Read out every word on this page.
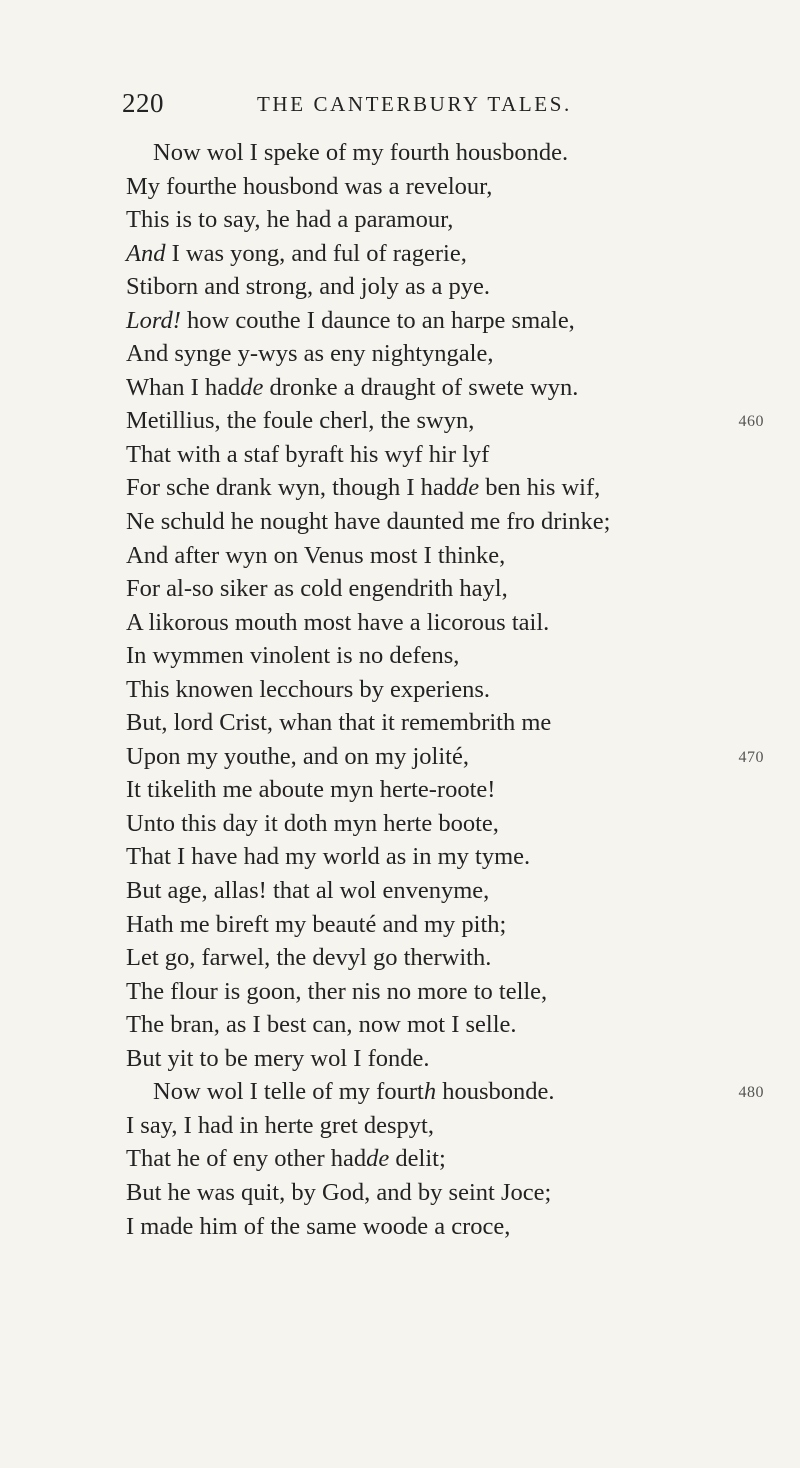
220	THE CANTERBURY TALES.
Now wol I speke of my fourth housbonde.
My fourthe housbond was a revelour,
This is to say, he had a paramour,
And I was yong, and ful of ragerie,
Stiborn and strong, and joly as a pye.
Lord! how couthe I daunce to an harpe smale,
And synge y-wys as eny nightyngale,
Whan I hadde dronke a draught of swete wyn.
Metillius, the foule cherl, the swyn,	460
That with a staf byraft his wyf hir lyf
For sche drank wyn, though I hadde ben his wif,
Ne schuld he nought have daunted me fro drinke;
And after wyn on Venus most I thinke,
For al-so siker as cold engendrith hayl,
A likorous mouth most have a licorous tail.
In wymmen vinolent is no defens,
This knowen lecchours by experiens.
But, lord Crist, whan that it remembrith me
Upon my youthe, and on my jolité,	470
It tikelith me aboute myn herte-roote!
Unto this day it doth myn herte boote,
That I have had my world as in my tyme.
But age, allas! that al wol envenyme,
Hath me bireft my beauté and my pith;
Let go, farwel, the devyl go therwith.
The flour is goon, ther nis no more to telle,
The bran, as I best can, now mot I selle.
But yit to be mery wol I fonde.
Now wol I telle of my fourth housbonde.	480
I say, I had in herte gret despyt,
That he of eny other hadde delit;
But he was quit, by God, and by seint Joce;
I made him of the same woode a croce,
